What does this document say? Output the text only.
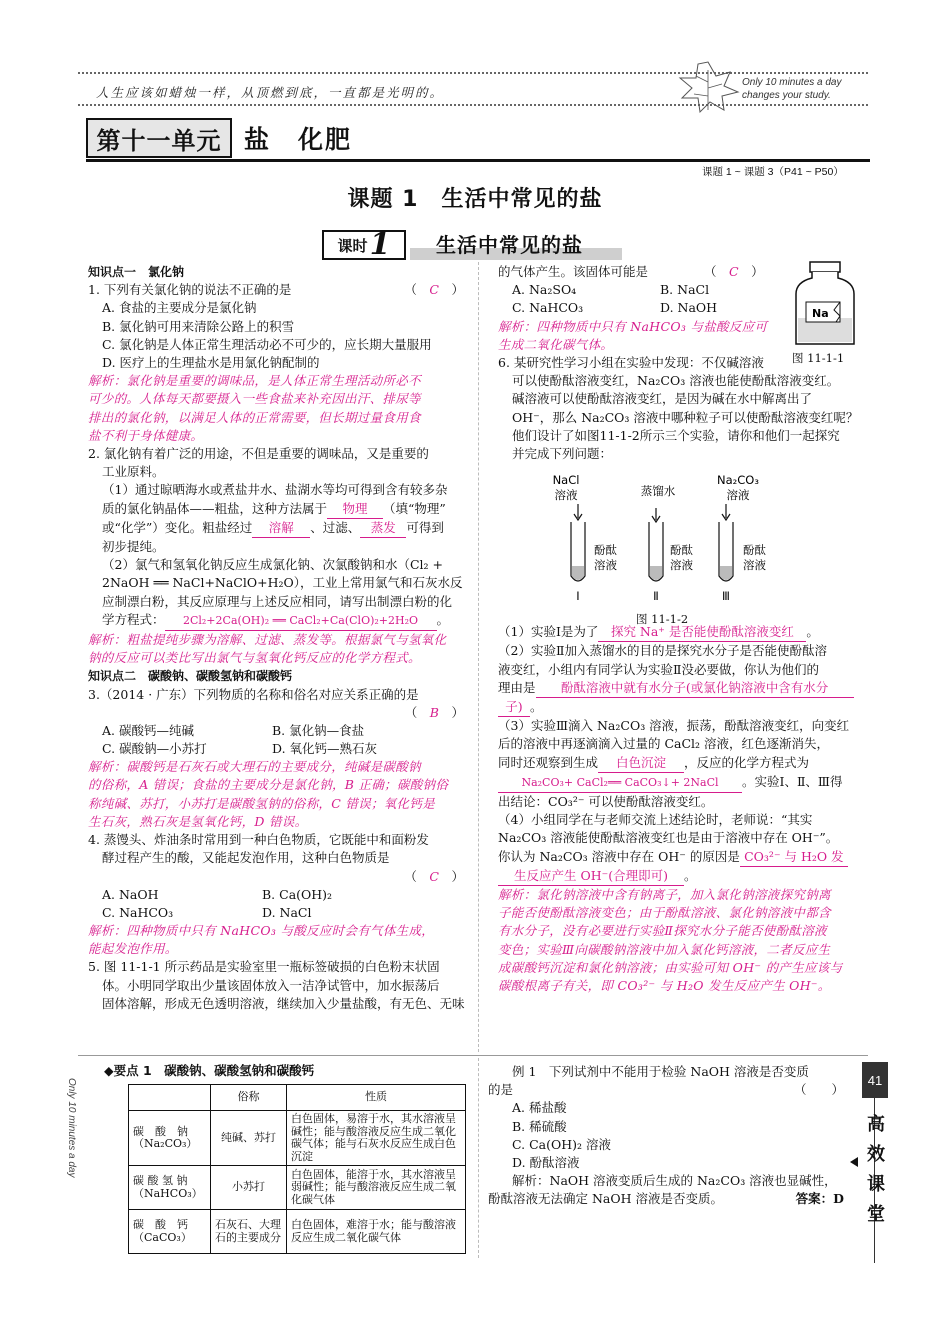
人生应该如蜡烛一样，从顶燃到底，一直都是光明的。
Only 10 minutes a day
changes your study.
第十一单元 盐　化肥
课题 1 ~ 课题 3（P41 ~ P50）
课题 1　生活中常见的盐
课时 1	生活中常见的盐

知识点一　氯化钠

1. 下列有关氯化钠的说法不正确的是	（　C　）

A. 食盐的主要成分是氯化钠

B. 氯化钠可用来清除公路上的积雪

C. 氯化钠是人体正常生理活动必不可少的，应长期大量服用

D. 医疗上的生理盐水是用氯化钠配制的

解析：氯化钠是重要的调味品，是人体正常生理活动所必不

可少的。人体每天都要摄入一些食盐来补充因出汗、排尿等

排出的氯化钠，以满足人体的正常需要，但长期过量食用食

盐不利于身体健康。

2. 氯化钠有着广泛的用途，不但是重要的调味品，又是重要的

工业原料。

（1）通过晾晒海水或煮盐井水、盐湖水等均可得到含有较多杂

质的氯化钠晶体——粗盐，这种方法属于 物理 （填“物理”

或“化学”）变化。粗盐经过 溶解 、过滤、 蒸发 可得到

初步提纯。

（2）氯气和氢氧化钠反应生成氯化钠、次氯酸钠和水（Cl₂ +

2NaOH ══ NaCl+NaClO+H₂O），工业上常用氯气和石灰水反

应制漂白粉，其反应原理与上述反应相同，请写出制漂白粉的化

学方程式： 2Cl₂+2Ca(OH)₂ ══ CaCl₂+Ca(ClO)₂+2H₂O 。

解析：粗盐提纯步骤为溶解、过滤、蒸发等。根据氯气与氢氧化

钠的反应可以类比写出氯气与氢氧化钙反应的化学方程式。

知识点二　碳酸钠、碳酸氢钠和碳酸钙

3.（2014 · 广东）下列物质的名称和俗名对应关系正确的是

（　B　）

A. 碳酸钙—纯碱	B. 氯化钠—食盐

C. 碳酸钠—小苏打	D. 氧化钙—熟石灰

解析：碳酸钙是石灰石或大理石的主要成分，纯碱是碳酸钠

的俗称，A 错误；食盐的主要成分是氯化钠，B 正确；碳酸钠俗

称纯碱、苏打，小苏打是碳酸氢钠的俗称，C 错误；氧化钙是

生石灰，熟石灰是氢氧化钙，D 错误。

4. 蒸馒头、炸油条时常用到一种白色物质，它既能中和面粉发

酵过程产生的酸，又能起发泡作用，这种白色物质是

（　C　）

A. NaOH	B. Ca(OH)₂

C. NaHCO₃	D. NaCl

解析：四种物质中只有 NaHCO₃ 与酸反应时会有气体生成，

能起发泡作用。

5. 图 11-1-1 所示药品是实验室里一瓶标签破损的白色粉末状固

体。小明同学取出少量该固体放入一洁净试管中，加水振荡后

固体溶解，形成无色透明溶液，继续加入少量盐酸，有无色、无味

的气体产生。该固体可能是	（　C　）

A. Na₂SO₄	B. NaCl

C. NaHCO₃	D. NaOH

解析：四种物质中只有 NaHCO₃ 与盐酸反应可

生成二氧化碳气体。

6. 某研究性学习小组在实验中发现：不仅碱溶液

可以使酚酞溶液变红，Na₂CO₃ 溶液也能使酚酞溶液变红。

碱溶液可以使酚酞溶液变红，是因为碱在水中解离出了

OH⁻，那么 Na₂CO₃ 溶液中哪种粒子可以使酚酞溶液变红呢？

他们设计了如图11-1-2所示三个实验，请你和他们一起探究

并完成下列问题：

（1）实验Ⅰ是为了 探究 Na⁺ 是否能使酚酞溶液变红 。

（2）实验Ⅱ加入蒸馏水的目的是探究水分子是否能使酚酞溶

液变红，小组内有同学认为实验Ⅱ没必要做，你认为他们的

理由是 酚酞溶液中就有水分子(或氯化钠溶液中含有水分

子) 。

（3）实验Ⅲ滴入 Na₂CO₃ 溶液，振荡，酚酞溶液变红，向变红

后的溶液中再逐滴滴入过量的 CaCl₂ 溶液，红色逐渐消失，

同时还观察到生成 白色沉淀 ，反应的化学方程式为

Na₂CO₃+ CaCl₂══ CaCO₃↓+ 2NaCl 。实验Ⅰ、Ⅱ、Ⅲ得

出结论：CO₃²⁻ 可以使酚酞溶液变红。

（4）小组同学在与老师交流上述结论时，老师说：“其实

Na₂CO₃ 溶液能使酚酞溶液变红也是由于溶液中存在 OH⁻”。

你认为 Na₂CO₃ 溶液中存在 OH⁻ 的原因是 CO₃²⁻ 与 H₂O 发

生反应产生 OH⁻(合理即可) 。

解析：氯化钠溶液中含有钠离子，加入氯化钠溶液探究钠离

子能否使酚酞溶液变色；由于酚酞溶液、氯化钠溶液中都含

有水分子，没有必要进行实验Ⅱ探究水分子能否使酚酞溶液

变色；实验Ⅲ向碳酸钠溶液中加入氯化钙溶液，二者反应生

成碳酸钙沉淀和氯化钠溶液；由实验可知 OH⁻ 的产生应该与

碳酸根离子有关，即 CO₃²⁻ 与 H₂O 发生反应产生 OH⁻。

Na
图 11-1-1
NaCl
溶液	蒸馏水
Na₂CO₃
溶液
酚酞
溶液
酚酞
溶液
酚酞
溶液
Ⅰ	Ⅱ	Ⅲ
图 11-1-2
Only 10 minutes a day
◆要点 1　碳酸钠、碳酸氢钠和碳酸钙
	俗称	性质
碳　酸　钠（Na₂CO₃）	纯碱、苏打	白色固体，易溶于水，其水溶液呈碱性；能与酸溶液反应生成二氧化碳气体；能与石灰水反应生成白色沉淀
碳 酸 氢 钠（NaHCO₃）	小苏打	白色固体，能溶于水，其水溶液呈弱碱性；能与酸溶液反应生成二氧化碳气体
碳　酸　钙（CaCO₃）	石灰石、大理石的主要成分	白色固体，难溶于水；能与酸溶液反应生成二氧化碳气体

例 1　下列试剂中不能用于检验 NaOH 溶液是否变质

的是	（　　）

A. 稀盐酸

B. 稀硫酸

C. Ca(OH)₂ 溶液

D. 酚酞溶液

解析：NaOH 溶液变质后生成的 Na₂CO₃ 溶液也显碱性，

酚酞溶液无法确定 NaOH 溶液是否变质。	答案：D

41
高
效
课
堂
